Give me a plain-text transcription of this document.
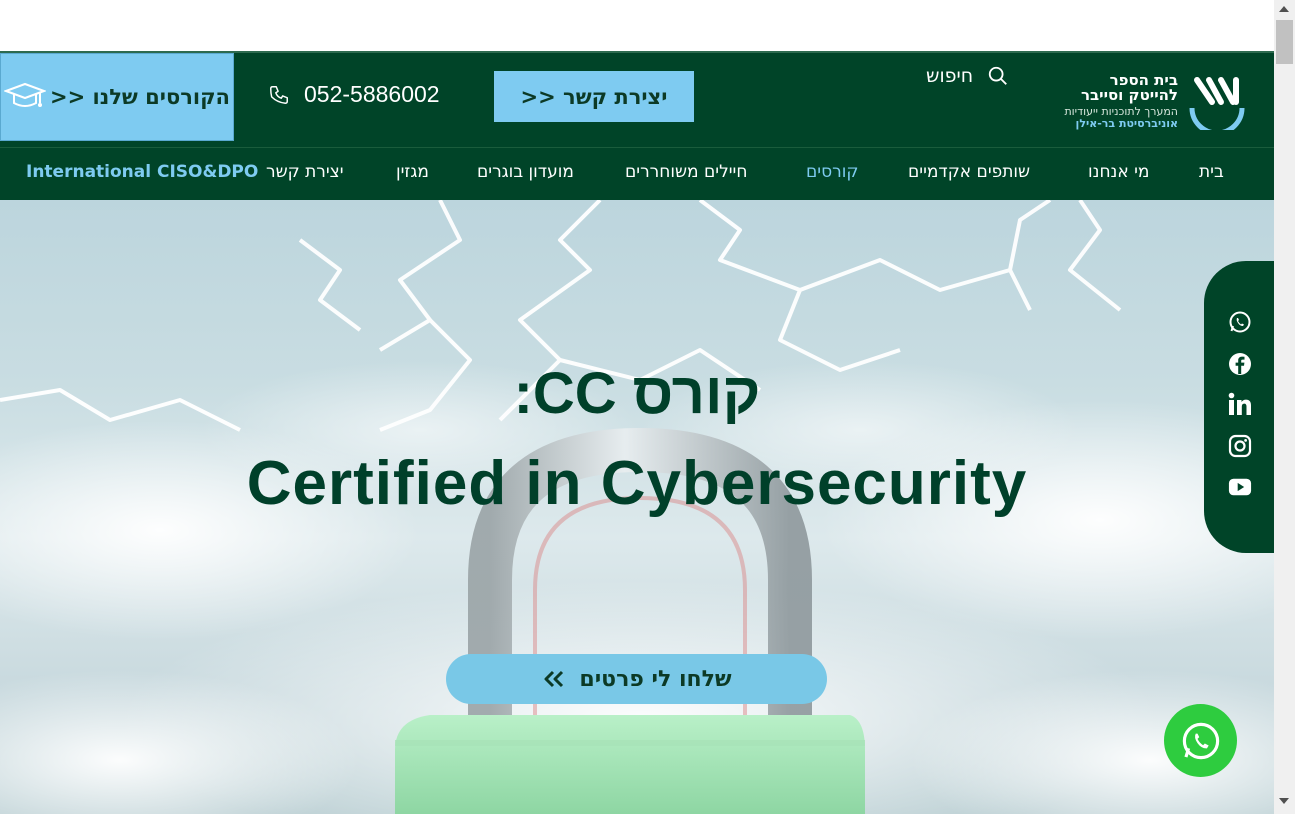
הקורסים שלנו <<	052-5886002	יצירת קשר <<
חיפוש	בית הספר
להייטק וסייבר
המערך לתוכניות ייעודיות
אוניברסיטת בר-אילן
בית
מי אנחנו
שותפים אקדמיים
קורסים
חיילים משוחררים
מועדון בוגרים
מגזין
יצירת קשר
International CISO&DPO
קורס CC:
Certified in Cybersecurity
שלחו לי פרטים
